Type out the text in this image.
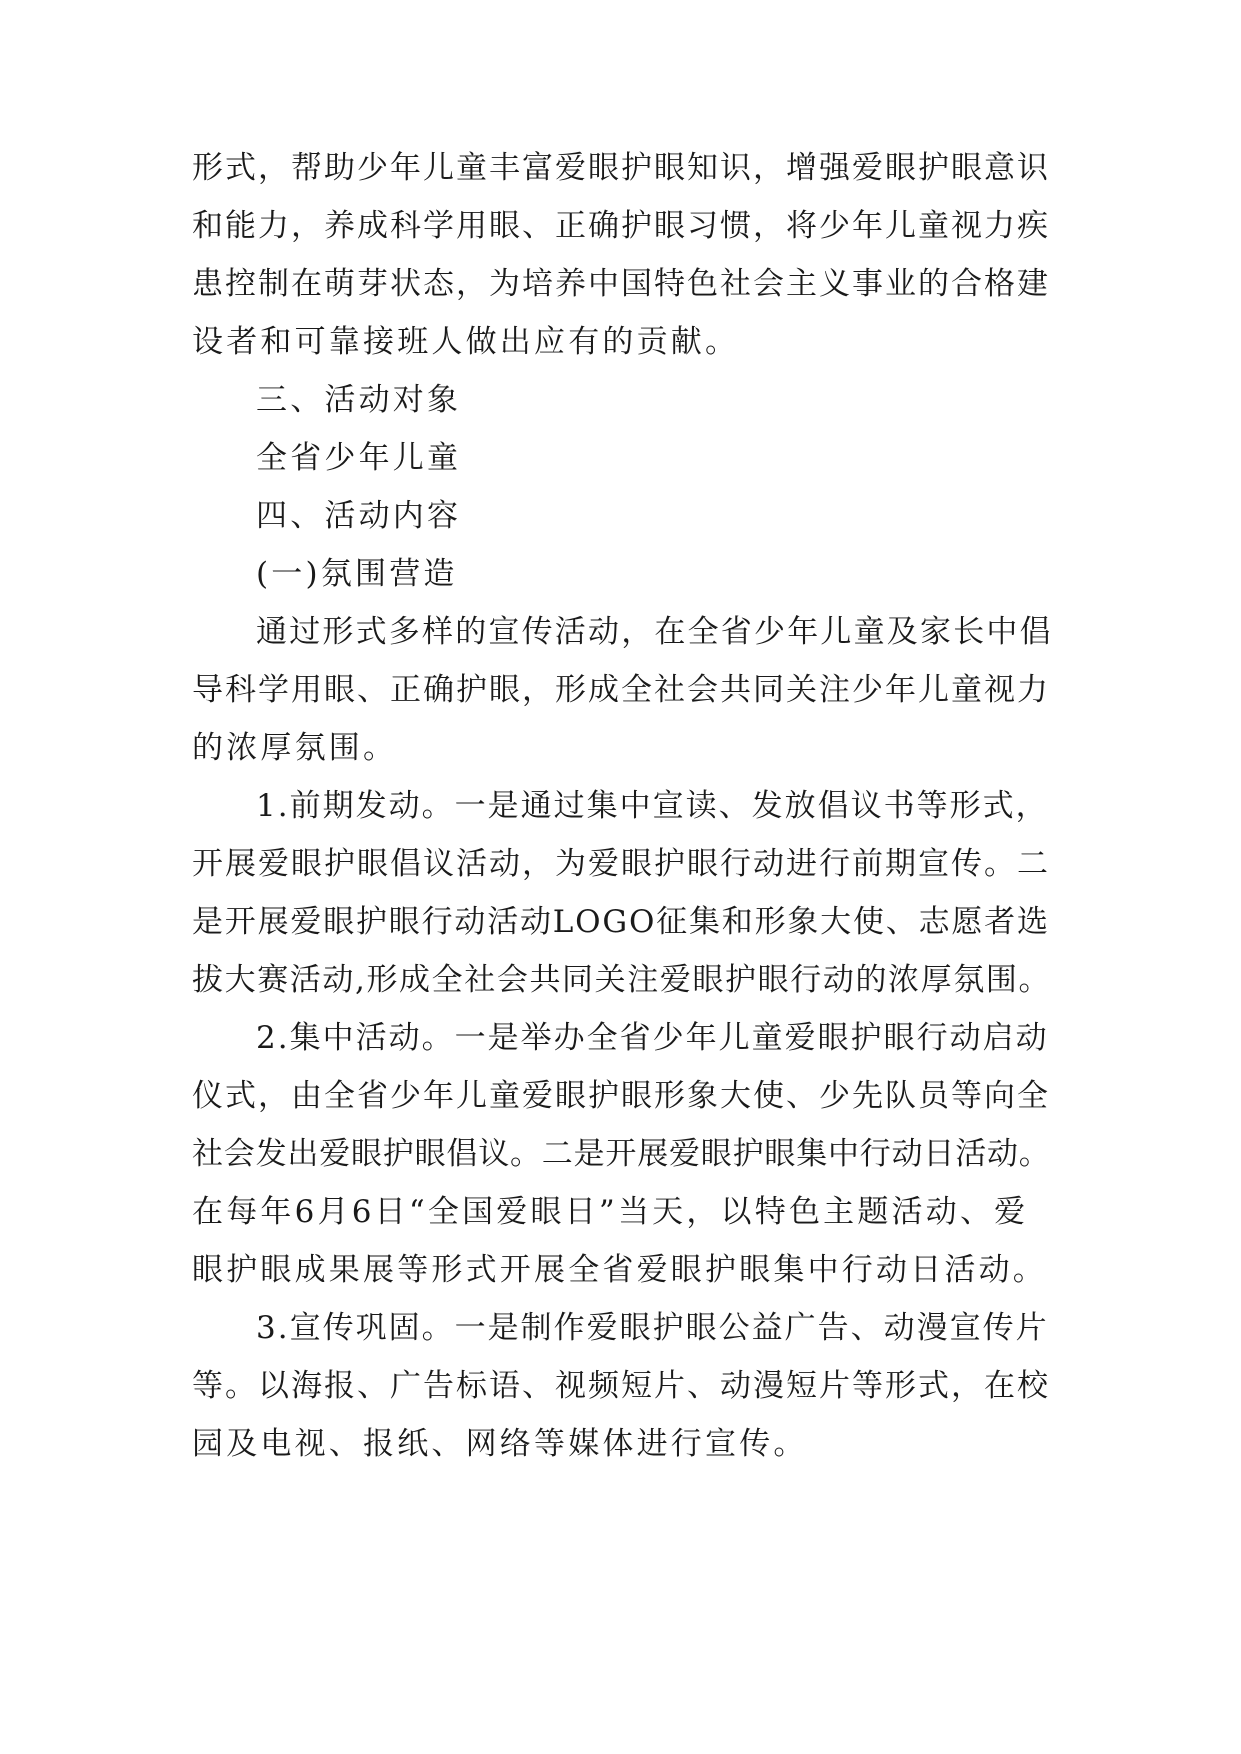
形式，帮助少年儿童丰富爱眼护眼知识，增强爱眼护眼意识
和能力，养成科学用眼、正确护眼习惯，将少年儿童视力疾
患控制在萌芽状态，为培养中国特色社会主义事业的合格建
设者和可靠接班人做出应有的贡献。
三、活动对象
全省少年儿童
四、活动内容
(一)氛围营造
通过形式多样的宣传活动，在全省少年儿童及家长中倡
导科学用眼、正确护眼，形成全社会共同关注少年儿童视力
的浓厚氛围。
1.前期发动。一是通过集中宣读、发放倡议书等形式，
开展爱眼护眼倡议活动，为爱眼护眼行动进行前期宣传。二
是开展爱眼护眼行动活动LOGO征集和形象大使、志愿者选
拔大赛活动,形成全社会共同关注爱眼护眼行动的浓厚氛围。
2.集中活动。一是举办全省少年儿童爱眼护眼行动启动
仪式，由全省少年儿童爱眼护眼形象大使、少先队员等向全
社会发出爱眼护眼倡议。二是开展爱眼护眼集中行动日活动。
在每年6月6日“全国爱眼日”当天，以特色主题活动、爱
眼护眼成果展等形式开展全省爱眼护眼集中行动日活动。
3.宣传巩固。一是制作爱眼护眼公益广告、动漫宣传片
等。以海报、广告标语、视频短片、动漫短片等形式，在校
园及电视、报纸、网络等媒体进行宣传。
